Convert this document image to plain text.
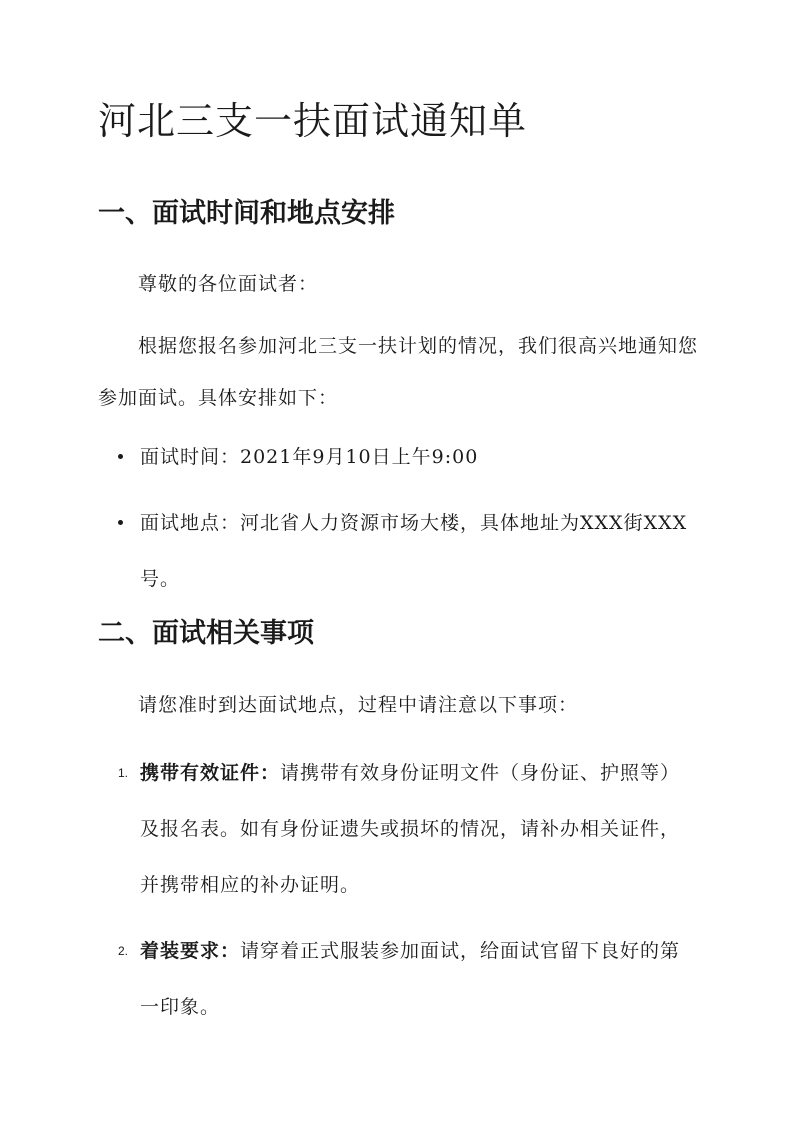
河北三支一扶面试通知单
一、面试时间和地点安排

尊敬的各位面试者：

根据您报名参加河北三支一扶计划的情况，我们很高兴地通知您参加面试。具体安排如下：

面试时间：2021年9月10日上午9:00
面试地点：河北省人力资源市场大楼，具体地址为XXX街XXX号。
二、面试相关事项

请您准时到达面试地点，过程中请注意以下事项：

1. 携带有效证件：请携带有效身份证明文件（身份证、护照等）及报名表。如有身份证遗失或损坏的情况，请补办相关证件，并携带相应的补办证明。
2. 着装要求：请穿着正式服装参加面试，给面试官留下良好的第一印象。
